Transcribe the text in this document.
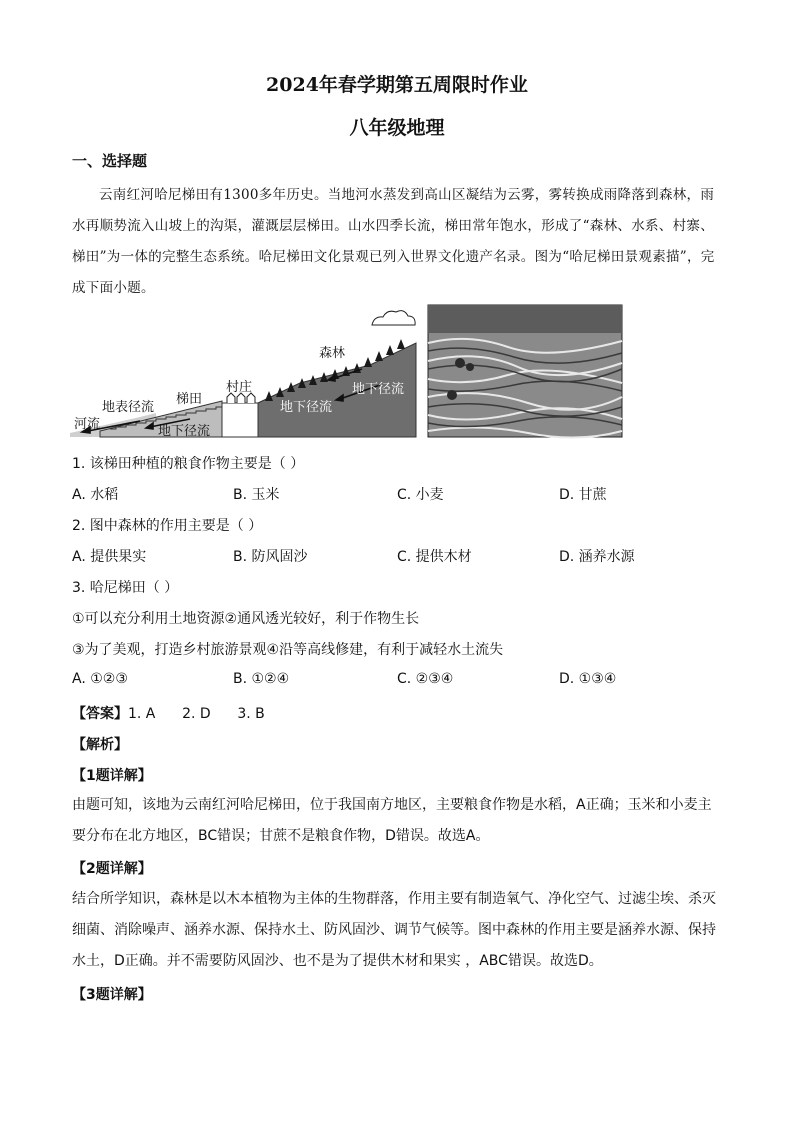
2024年春学期第五周限时作业
八年级地理
一、选择题
云南红河哈尼梯田有1300多年历史。当地河水蒸发到高山区凝结为云雾，雾转换成雨降落到森林，雨水再顺势流入山坡上的沟渠，灌溉层层梯田。山水四季长流，梯田常年饱水，形成了“森林、水系、村寨、梯田”为一体的完整生态系统。哈尼梯田文化景观已列入世界文化遗产名录。图为“哈尼梯田景观素描”，完成下面小题。
森林
村庄
梯田
地表径流
河流	地下径流
地下径流
地下径流
1. 该梯田种植的粮食作物主要是（ ）
A. 水稻	B. 玉米	C. 小麦	D. 甘蔗
2. 图中森林的作用主要是（ ）
A. 提供果实	B. 防风固沙	C. 提供木材	D. 涵养水源
3. 哈尼梯田（ ）
①可以充分利用土地资源②通风透光较好，利于作物生长
③为了美观，打造乡村旅游景观④沿等高线修建，有利于减轻水土流失
A. ①②③	B. ①②④	C. ②③④	D. ①③④
【答案】1. A      2. D      3. B
【解析】
【1题详解】
由题可知，该地为云南红河哈尼梯田，位于我国南方地区，主要粮食作物是水稻，A正确；玉米和小麦主要分布在北方地区，BC错误；甘蔗不是粮食作物，D错误。故选A。
【2题详解】
结合所学知识，森林是以木本植物为主体的生物群落，作用主要有制造氧气、净化空气、过滤尘埃、杀灭细菌、消除噪声、涵养水源、保持水土、防风固沙、调节气候等。图中森林的作用主要是涵养水源、保持水土，D正确。并不需要防风固沙、也不是为了提供木材和果实 ，ABC错误。故选D。
【3题详解】
